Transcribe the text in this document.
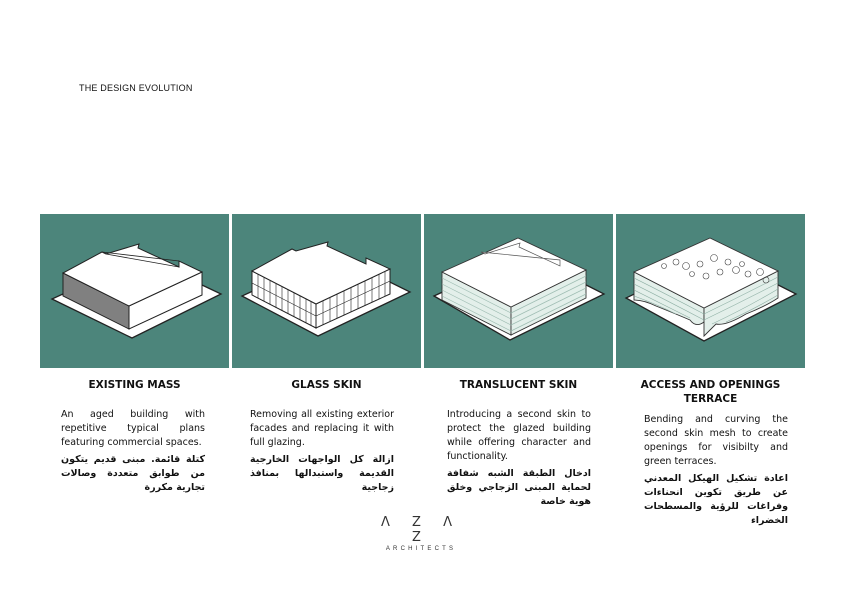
THE DESIGN EVOLUTION
EXISTING MASS	GLASS SKIN	TRANSLUCENT SKIN	ACCESS AND OPENINGS TERRACE
An aged building with repetitive typical plans featuring commercial spaces.
كتلة قائمة. مبنى قديم يتكون من طوابق متعددة وصالات تجارية مكررة
Removing all existing exterior facades and replacing it with full glazing.
ازالة كل الواجهات الخارجية القديمة واستبدالها بمنافذ زجاجية
Introducing a second skin to protect the glazed building while offering character and functionality.
ادخال الطبقة الشبه شفافة لحماية المبنى الزجاجي وخلق هوية خاصة
Bending and curving the second skin mesh to create openings for visibilty and green terraces.
اعادة تشكيل الهيكل المعدني عن طريق تكوين انحناءات وفراغات للرؤية والمسطحات الخضراء
Λ Z Λ Z
ARCHITECTS
